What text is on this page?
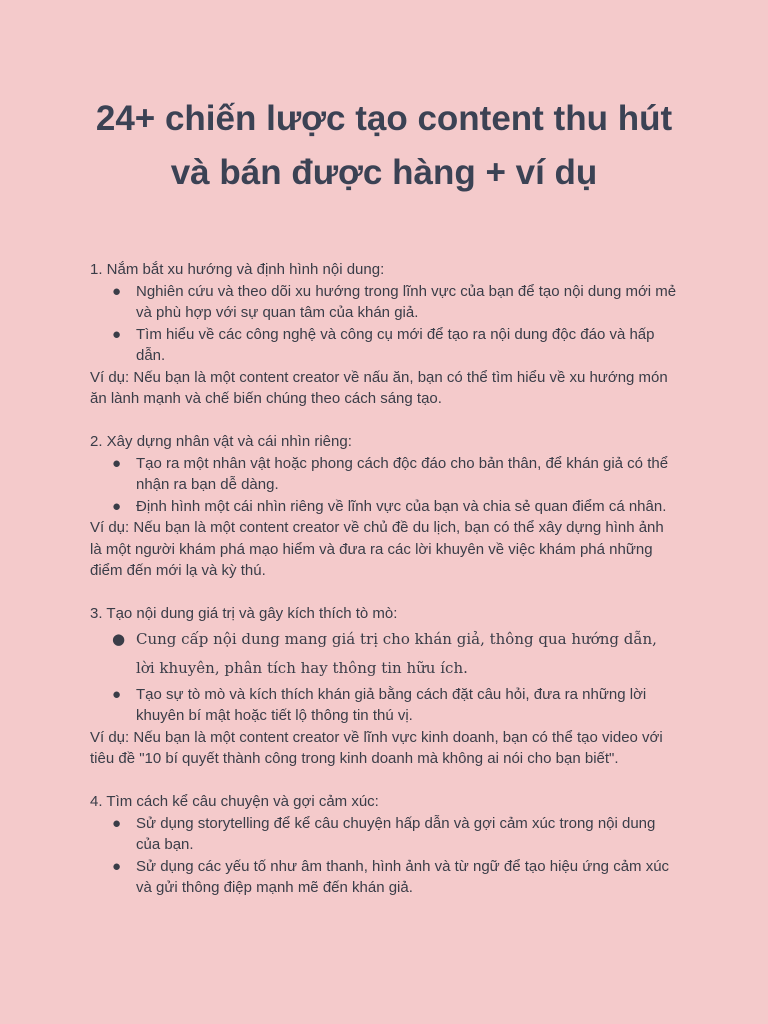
24+ chiến lược tạo content thu hút
và bán được hàng + ví dụ

1. Nắm bắt xu hướng và định hình nội dung:

● Nghiên cứu và theo dõi xu hướng trong lĩnh vực của bạn để tạo nội dung mới mẻ và phù hợp với sự quan tâm của khán giả.
● Tìm hiểu về các công nghệ và công cụ mới để tạo ra nội dung độc đáo và hấp dẫn.

Ví dụ: Nếu bạn là một content creator về nấu ăn, bạn có thể tìm hiểu về xu hướng món ăn lành mạnh và chế biến chúng theo cách sáng tạo.

2. Xây dựng nhân vật và cái nhìn riêng:

● Tạo ra một nhân vật hoặc phong cách độc đáo cho bản thân, để khán giả có thể nhận ra bạn dễ dàng.
● Định hình một cái nhìn riêng về lĩnh vực của bạn và chia sẻ quan điểm cá nhân.

Ví dụ: Nếu bạn là một content creator về chủ đề du lịch, bạn có thể xây dựng hình ảnh là một người khám phá mạo hiểm và đưa ra các lời khuyên về việc khám phá những điểm đến mới lạ và kỳ thú.

3. Tạo nội dung giá trị và gây kích thích tò mò:

● Cung cấp nội dung mang giá trị cho khán giả, thông qua hướng dẫn, lời khuyên, phân tích hay thông tin hữu ích.
● Tạo sự tò mò và kích thích khán giả bằng cách đặt câu hỏi, đưa ra những lời khuyên bí mật hoặc tiết lộ thông tin thú vị.

Ví dụ: Nếu bạn là một content creator về lĩnh vực kinh doanh, bạn có thể tạo video với tiêu đề "10 bí quyết thành công trong kinh doanh mà không ai nói cho bạn biết".

4. Tìm cách kể câu chuyện và gợi cảm xúc:

● Sử dụng storytelling để kể câu chuyện hấp dẫn và gợi cảm xúc trong nội dung của bạn.
● Sử dụng các yếu tố như âm thanh, hình ảnh và từ ngữ để tạo hiệu ứng cảm xúc và gửi thông điệp mạnh mẽ đến khán giả.
